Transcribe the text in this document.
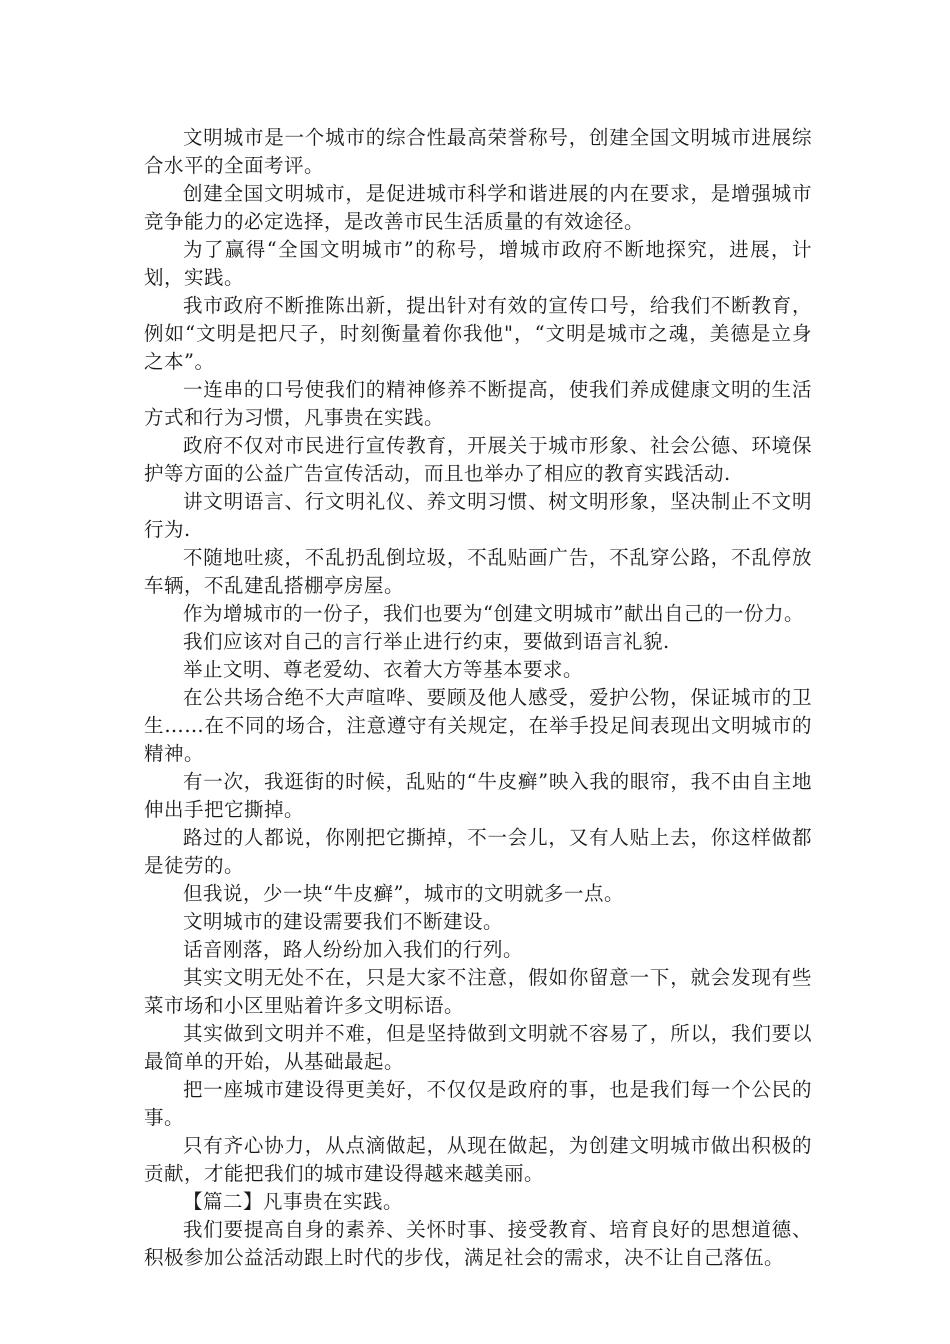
文明城市是一个城市的综合性最高荣誉称号，创建全国文明城市进展综合水平的全面考评。

创建全国文明城市，是促进城市科学和谐进展的内在要求，是增强城市竞争能力的必定选择，是改善市民生活质量的有效途径。

为了赢得“全国文明城市”的称号，增城市政府不断地探究，进展，计划，实践。

我市政府不断推陈出新，提出针对有效的宣传口号，给我们不断教育，例如“文明是把尺子，时刻衡量着你我他"，“文明是城市之魂，美德是立身之本”。

一连串的口号使我们的精神修养不断提高，使我们养成健康文明的生活方式和行为习惯，凡事贵在实践。

政府不仅对市民进行宣传教育，开展关于城市形象、社会公德、环境保护等方面的公益广告宣传活动，而且也举办了相应的教育实践活动.

讲文明语言、行文明礼仪、养文明习惯、树文明形象，坚决制止不文明行为.

不随地吐痰，不乱扔乱倒垃圾，不乱贴画广告，不乱穿公路，不乱停放车辆，不乱建乱搭棚亭房屋。

作为增城市的一份子，我们也要为“创建文明城市”献出自己的一份力。

我们应该对自己的言行举止进行约束，要做到语言礼貌.

举止文明、尊老爱幼、衣着大方等基本要求。

在公共场合绝不大声喧哗、要顾及他人感受，爱护公物，保证城市的卫生……在不同的场合，注意遵守有关规定，在举手投足间表现出文明城市的精神。

有一次，我逛街的时候，乱贴的“牛皮癣”映入我的眼帘，我不由自主地伸出手把它撕掉。

路过的人都说，你刚把它撕掉，不一会儿，又有人贴上去，你这样做都是徒劳的。

但我说，少一块“牛皮癣”，城市的文明就多一点。

文明城市的建设需要我们不断建设。

话音刚落，路人纷纷加入我们的行列。

其实文明无处不在，只是大家不注意，假如你留意一下，就会发现有些菜市场和小区里贴着许多文明标语。

其实做到文明并不难，但是坚持做到文明就不容易了，所以，我们要以最简单的开始，从基础最起。

把一座城市建设得更美好，不仅仅是政府的事，也是我们每一个公民的事。

只有齐心协力，从点滴做起，从现在做起，为创建文明城市做出积极的贡献，才能把我们的城市建设得越来越美丽。

【篇二】凡事贵在实践。

我们要提高自身的素养、关怀时事、接受教育、培育良好的思想道德、积极参加公益活动跟上时代的步伐，满足社会的需求，决不让自己落伍。
